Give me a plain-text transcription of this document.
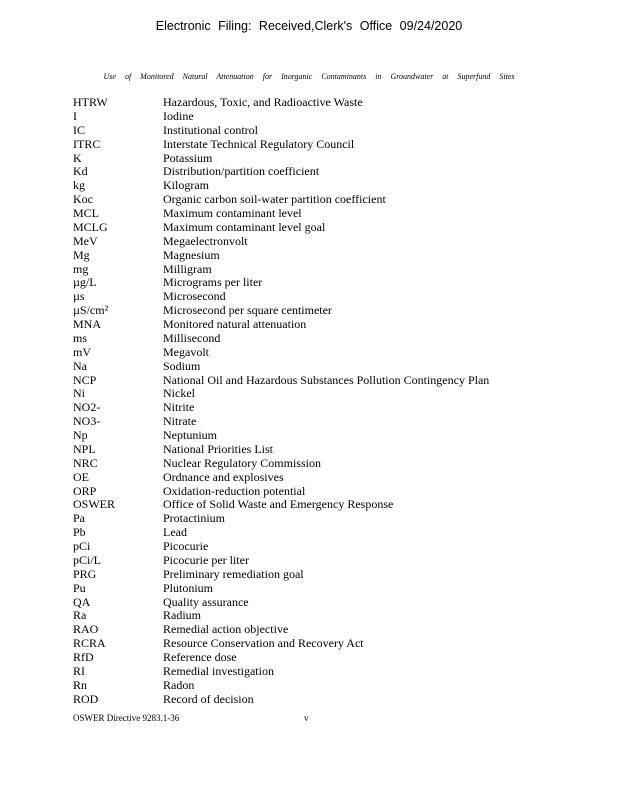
Electronic Filing: Received,Clerk's Office 09/24/2020
Use of Monitored Natural Attenuation for Inorganic Contaminants in Groundwater at Superfund Sites
HTRW	Hazardous, Toxic, and Radioactive Waste
I	Iodine
IC	Institutional control
ITRC	Interstate Technical Regulatory Council
K	Potassium
Kd	Distribution/partition coefficient
kg	Kilogram
Koc	Organic carbon soil-water partition coefficient
MCL	Maximum contaminant level
MCLG	Maximum contaminant level goal
MeV	Megaelectronvolt
Mg	Magnesium
mg	Milligram
µg/L	Micrograms per liter
µs	Microsecond
µS/cm²	Microsecond per square centimeter
MNA	Monitored natural attenuation
ms	Millisecond
mV	Megavolt
Na	Sodium
NCP	National Oil and Hazardous Substances Pollution Contingency Plan
Ni	Nickel
NO2-	Nitrite
NO3-	Nitrate
Np	Neptunium
NPL	National Priorities List
NRC	Nuclear Regulatory Commission
OE	Ordnance and explosives
ORP	Oxidation-reduction potential
OSWER	Office of Solid Waste and Emergency Response
Pa	Protactinium
Pb	Lead
pCi	Picocurie
pCi/L	Picocurie per liter
PRG	Preliminary remediation goal
Pu	Plutonium
QA	Quality assurance
Ra	Radium
RAO	Remedial action objective
RCRA	Resource Conservation and Recovery Act
RfD	Reference dose
RI	Remedial investigation
Rn	Radon
ROD	Record of decision
OSWER Directive 9283.1-36	v
